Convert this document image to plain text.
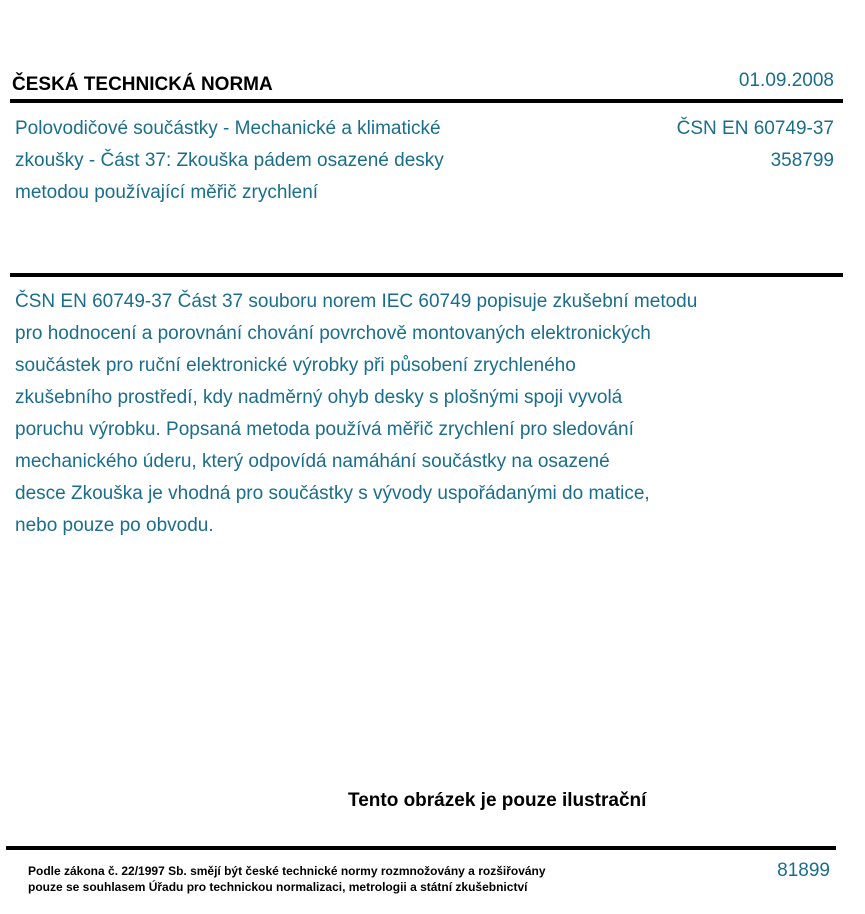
ČESKÁ TECHNICKÁ NORMA	01.09.2008
Polovodičové součástky - Mechanické a klimatické
zkoušky - Část 37: Zkouška pádem osazené desky
metodou používající měřič zrychlení
ČSN EN 60749-37
358799
ČSN EN 60749-37 Část 37 souboru norem IEC 60749 popisuje zkušební metodu
pro hodnocení a porovnání chování povrchově montovaných elektronických
součástek pro ruční elektronické výrobky při působení zrychleného
zkušebního prostředí, kdy nadměrný ohyb desky s plošnými spoji vyvolá
poruchu výrobku. Popsaná metoda používá měřič zrychlení pro sledování
mechanického úderu, který odpovídá namáhání součástky na osazené
desce Zkouška je vhodná pro součástky s vývody uspořádanými do matice,
nebo pouze po obvodu.
Tento obrázek je pouze ilustrační
Podle zákona č. 22/1997 Sb. smějí být české technické normy rozmnožovány a rozšiřovány
pouze se souhlasem Úřadu pro technickou normalizaci, metrologii a státní zkušebnictví
81899
